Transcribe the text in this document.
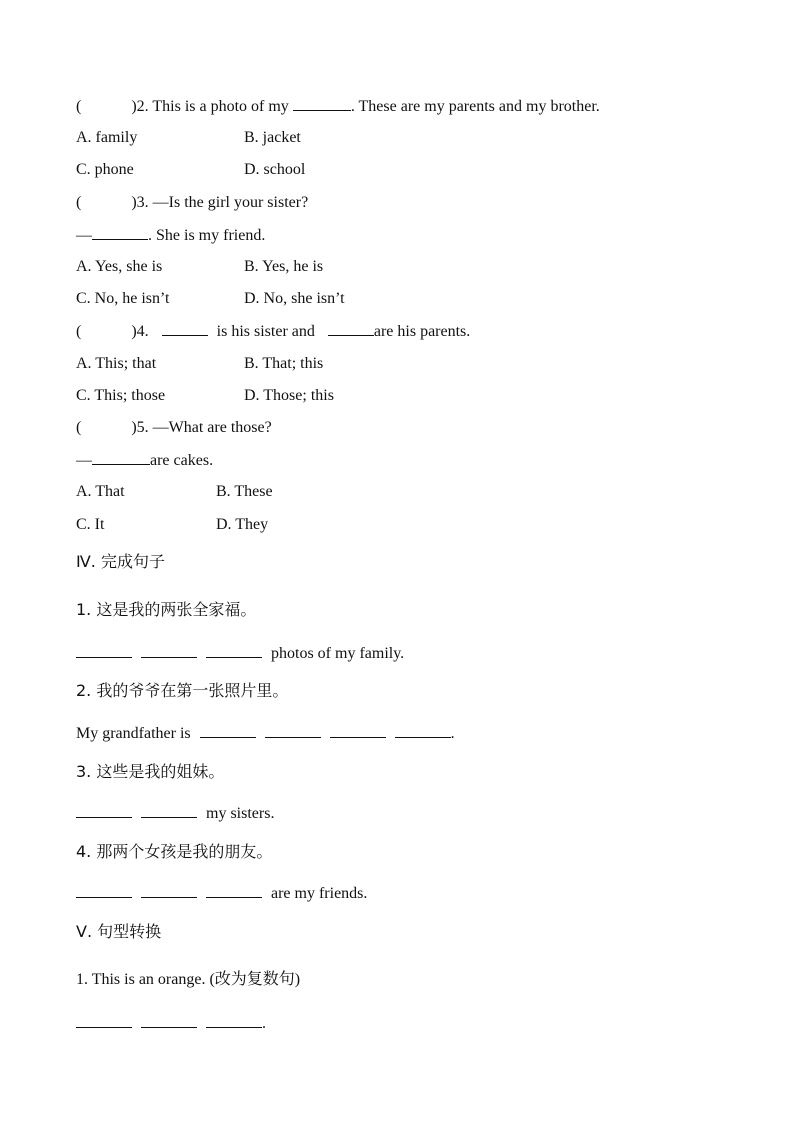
(	)2. This is a photo of my	. These are my parents and my brother.
A. family	B. jacket
C. phone	D. school
(	)3. —Is the girl your sister?
—	. She is my friend.
A. Yes, she is	B. Yes, he is
C. No, he isn’t	D. No, she isn’t
(	)4.	is his sister and	are his parents.
A. This; that	B. That; this
C. This; those	D. Those; this
(	)5. —What are those?
—	are cakes.
A. That	B. These
C. It	D. They
Ⅳ. 完成句子
1. 这是我的两张全家福。
photos of my family.
2. 我的爷爷在第一张照片里。
My grandfather is	.
3. 这些是我的姐妹。
my sisters.
4. 那两个女孩是我的朋友。
are my friends.
Ⅴ. 句型转换
1. This is an orange. (改为复数句)
.
